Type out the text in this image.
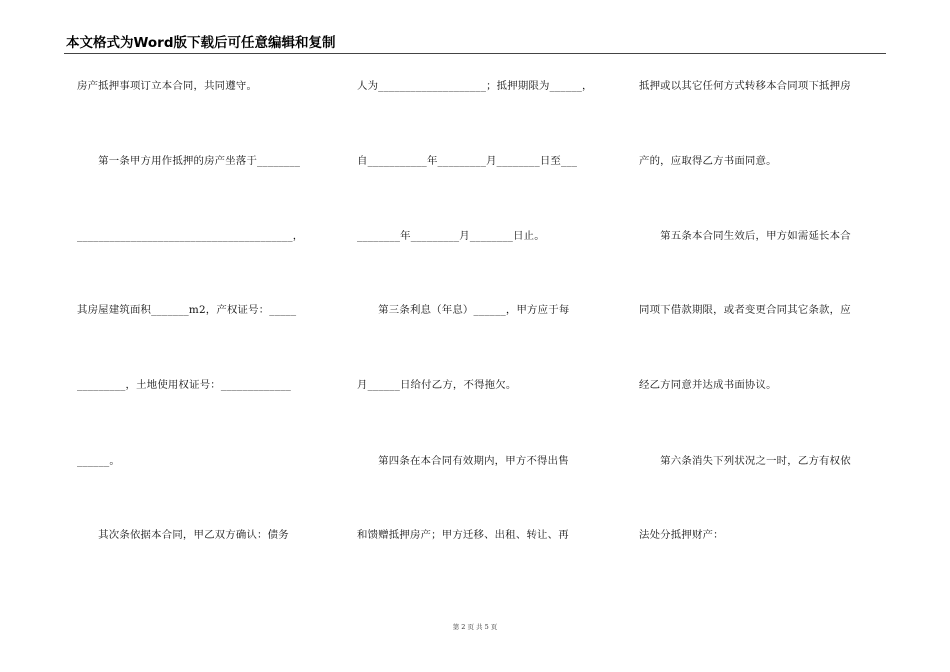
本文格式为Word版下载后可任意编辑和复制
房产抵押事项订立本合同，共同遵守。
　　第一条甲方用作抵押的房产坐落于________
________________________________________，
其房屋建筑面积_______m2，产权证号：_____
_________，土地使用权证号：_____________
______。
　　其次条依据本合同，甲乙双方确认：债务
人为____________________；抵押期限为______，
自___________年_________月________日至___
________年_________月________日止。
　　第三条利息（年息）______，甲方应于每
月______日给付乙方，不得拖欠。
　　第四条在本合同有效期内，甲方不得出售
和馈赠抵押房产；甲方迁移、出租、转让、再
抵押或以其它任何方式转移本合同项下抵押房
产的，应取得乙方书面同意。
　　第五条本合同生效后，甲方如需延长本合
同项下借款期限，或者变更合同其它条款，应
经乙方同意并达成书面协议。
　　第六条消失下列状况之一时，乙方有权依
法处分抵押财产：
第 2 页 共 5 页
